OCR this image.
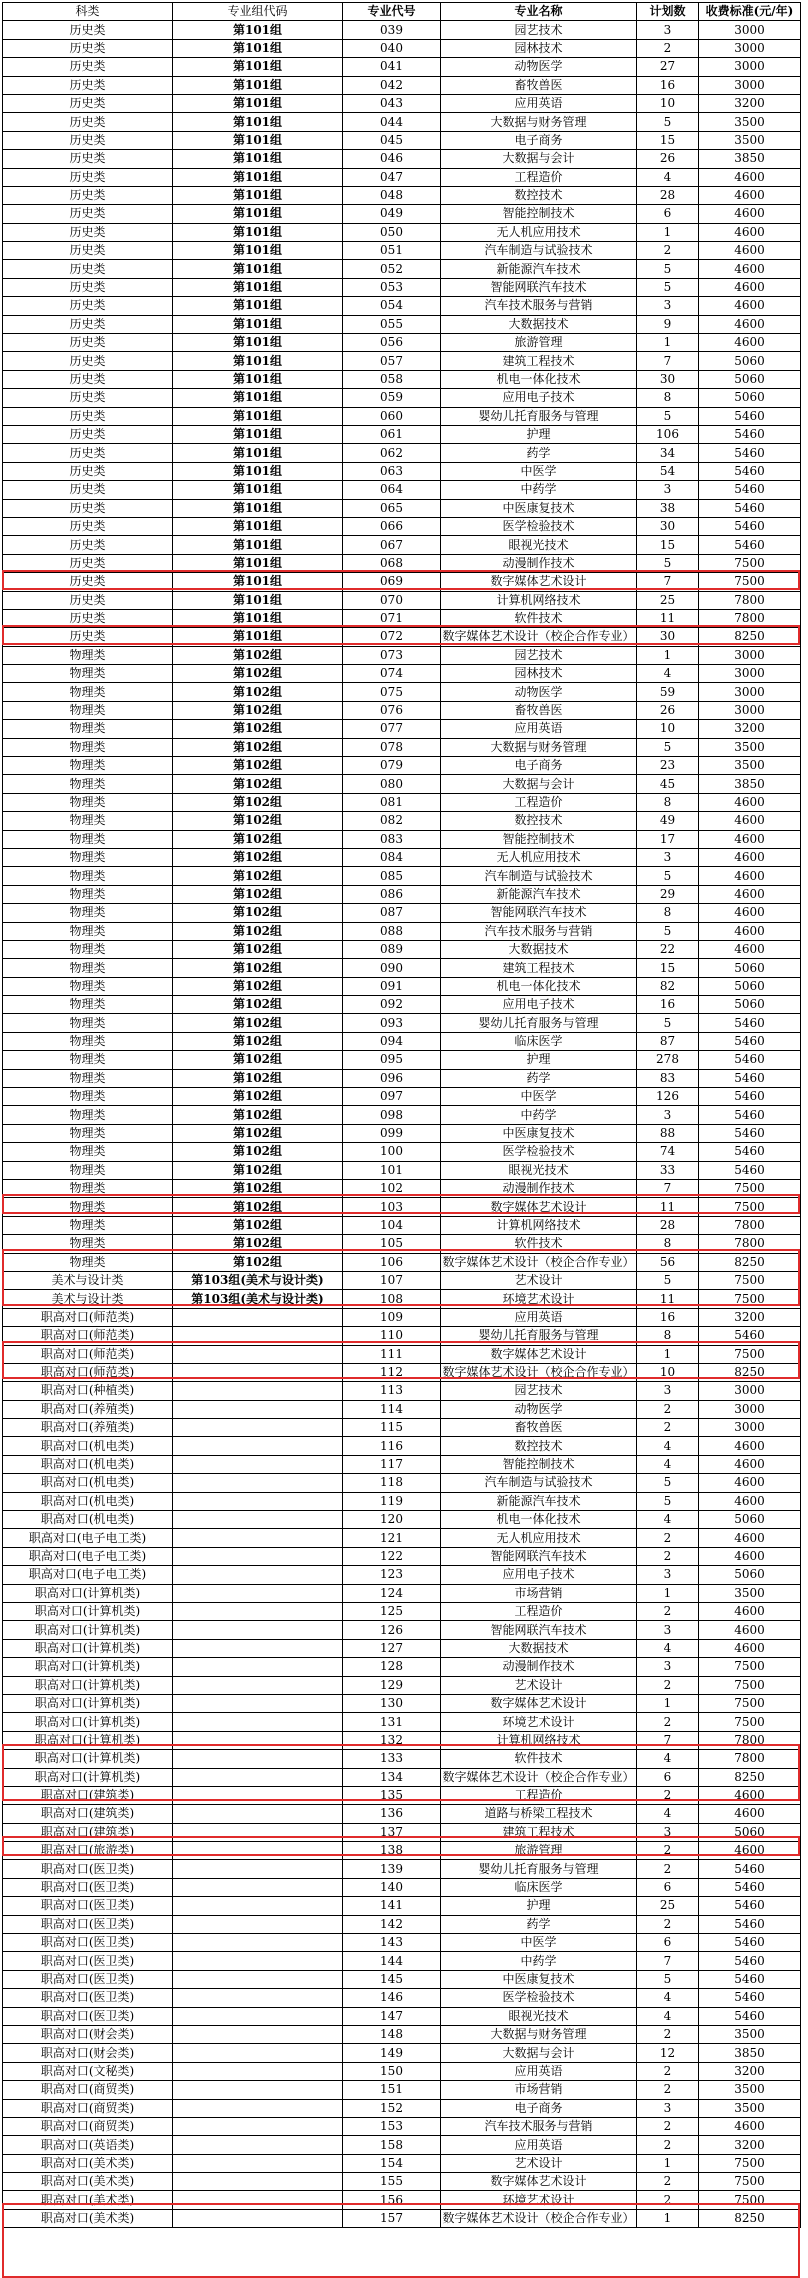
科类	专业组代码	专业代号	专业名称	计划数	收费标准(元/年)
历史类	第101组	039	园艺技术	3	3000
历史类	第101组	040	园林技术	2	3000
历史类	第101组	041	动物医学	27	3000
历史类	第101组	042	畜牧兽医	16	3000
历史类	第101组	043	应用英语	10	3200
历史类	第101组	044	大数据与财务管理	5	3500
历史类	第101组	045	电子商务	15	3500
历史类	第101组	046	大数据与会计	26	3850
历史类	第101组	047	工程造价	4	4600
历史类	第101组	048	数控技术	28	4600
历史类	第101组	049	智能控制技术	6	4600
历史类	第101组	050	无人机应用技术	1	4600
历史类	第101组	051	汽车制造与试验技术	2	4600
历史类	第101组	052	新能源汽车技术	5	4600
历史类	第101组	053	智能网联汽车技术	5	4600
历史类	第101组	054	汽车技术服务与营销	3	4600
历史类	第101组	055	大数据技术	9	4600
历史类	第101组	056	旅游管理	1	4600
历史类	第101组	057	建筑工程技术	7	5060
历史类	第101组	058	机电一体化技术	30	5060
历史类	第101组	059	应用电子技术	8	5060
历史类	第101组	060	婴幼儿托育服务与管理	5	5460
历史类	第101组	061	护理	106	5460
历史类	第101组	062	药学	34	5460
历史类	第101组	063	中医学	54	5460
历史类	第101组	064	中药学	3	5460
历史类	第101组	065	中医康复技术	38	5460
历史类	第101组	066	医学检验技术	30	5460
历史类	第101组	067	眼视光技术	15	5460
历史类	第101组	068	动漫制作技术	5	7500
历史类	第101组	069	数字媒体艺术设计	7	7500
历史类	第101组	070	计算机网络技术	25	7800
历史类	第101组	071	软件技术	11	7800
历史类	第101组	072	数字媒体艺术设计（校企合作专业）	30	8250
物理类	第102组	073	园艺技术	1	3000
物理类	第102组	074	园林技术	4	3000
物理类	第102组	075	动物医学	59	3000
物理类	第102组	076	畜牧兽医	26	3000
物理类	第102组	077	应用英语	10	3200
物理类	第102组	078	大数据与财务管理	5	3500
物理类	第102组	079	电子商务	23	3500
物理类	第102组	080	大数据与会计	45	3850
物理类	第102组	081	工程造价	8	4600
物理类	第102组	082	数控技术	49	4600
物理类	第102组	083	智能控制技术	17	4600
物理类	第102组	084	无人机应用技术	3	4600
物理类	第102组	085	汽车制造与试验技术	5	4600
物理类	第102组	086	新能源汽车技术	29	4600
物理类	第102组	087	智能网联汽车技术	8	4600
物理类	第102组	088	汽车技术服务与营销	5	4600
物理类	第102组	089	大数据技术	22	4600
物理类	第102组	090	建筑工程技术	15	5060
物理类	第102组	091	机电一体化技术	82	5060
物理类	第102组	092	应用电子技术	16	5060
物理类	第102组	093	婴幼儿托育服务与管理	5	5460
物理类	第102组	094	临床医学	87	5460
物理类	第102组	095	护理	278	5460
物理类	第102组	096	药学	83	5460
物理类	第102组	097	中医学	126	5460
物理类	第102组	098	中药学	3	5460
物理类	第102组	099	中医康复技术	88	5460
物理类	第102组	100	医学检验技术	74	5460
物理类	第102组	101	眼视光技术	33	5460
物理类	第102组	102	动漫制作技术	7	7500
物理类	第102组	103	数字媒体艺术设计	11	7500
物理类	第102组	104	计算机网络技术	28	7800
物理类	第102组	105	软件技术	8	7800
物理类	第102组	106	数字媒体艺术设计（校企合作专业）	56	8250
美术与设计类	第103组(美术与设计类)	107	艺术设计	5	7500
美术与设计类	第103组(美术与设计类)	108	环境艺术设计	11	7500
职高对口(师范类)		109	应用英语	16	3200
职高对口(师范类)		110	婴幼儿托育服务与管理	8	5460
职高对口(师范类)		111	数字媒体艺术设计	1	7500
职高对口(师范类)		112	数字媒体艺术设计（校企合作专业）	10	8250
职高对口(种植类)		113	园艺技术	3	3000
职高对口(养殖类)		114	动物医学	2	3000
职高对口(养殖类)		115	畜牧兽医	2	3000
职高对口(机电类)		116	数控技术	4	4600
职高对口(机电类)		117	智能控制技术	4	4600
职高对口(机电类)		118	汽车制造与试验技术	5	4600
职高对口(机电类)		119	新能源汽车技术	5	4600
职高对口(机电类)		120	机电一体化技术	4	5060
职高对口(电子电工类)		121	无人机应用技术	2	4600
职高对口(电子电工类)		122	智能网联汽车技术	2	4600
职高对口(电子电工类)		123	应用电子技术	3	5060
职高对口(计算机类)		124	市场营销	1	3500
职高对口(计算机类)		125	工程造价	2	4600
职高对口(计算机类)		126	智能网联汽车技术	3	4600
职高对口(计算机类)		127	大数据技术	4	4600
职高对口(计算机类)		128	动漫制作技术	3	7500
职高对口(计算机类)		129	艺术设计	2	7500
职高对口(计算机类)		130	数字媒体艺术设计	1	7500
职高对口(计算机类)		131	环境艺术设计	2	7500
职高对口(计算机类)		132	计算机网络技术	7	7800
职高对口(计算机类)		133	软件技术	4	7800
职高对口(计算机类)		134	数字媒体艺术设计（校企合作专业）	6	8250
职高对口(建筑类)		135	工程造价	2	4600
职高对口(建筑类)		136	道路与桥梁工程技术	4	4600
职高对口(建筑类)		137	建筑工程技术	3	5060
职高对口(旅游类)		138	旅游管理	2	4600
职高对口(医卫类)		139	婴幼儿托育服务与管理	2	5460
职高对口(医卫类)		140	临床医学	6	5460
职高对口(医卫类)		141	护理	25	5460
职高对口(医卫类)		142	药学	2	5460
职高对口(医卫类)		143	中医学	6	5460
职高对口(医卫类)		144	中药学	7	5460
职高对口(医卫类)		145	中医康复技术	5	5460
职高对口(医卫类)		146	医学检验技术	4	5460
职高对口(医卫类)		147	眼视光技术	4	5460
职高对口(财会类)		148	大数据与财务管理	2	3500
职高对口(财会类)		149	大数据与会计	12	3850
职高对口(文秘类)		150	应用英语	2	3200
职高对口(商贸类)		151	市场营销	2	3500
职高对口(商贸类)		152	电子商务	3	3500
职高对口(商贸类)		153	汽车技术服务与营销	2	4600
职高对口(英语类)		158	应用英语	2	3200
职高对口(美术类)		154	艺术设计	1	7500
职高对口(美术类)		155	数字媒体艺术设计	2	7500
职高对口(美术类)		156	环境艺术设计	2	7500
职高对口(美术类)		157	数字媒体艺术设计（校企合作专业）	1	8250
